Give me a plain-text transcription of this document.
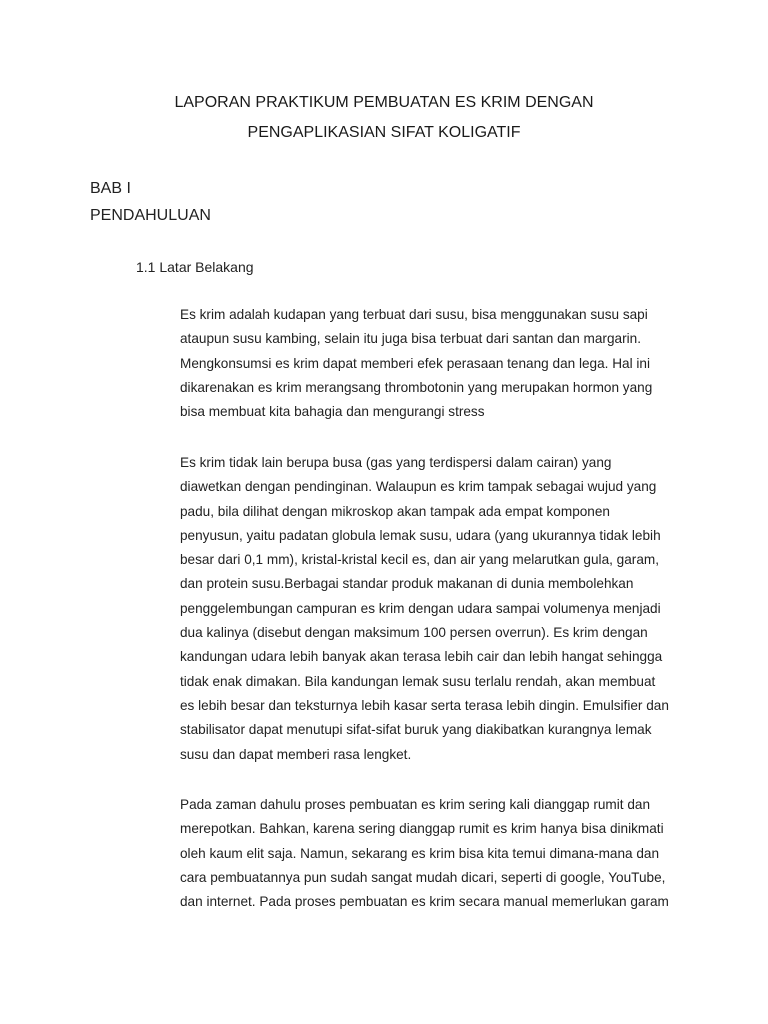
LAPORAN PRAKTIKUM PEMBUATAN ES KRIM DENGAN
PENGAPLIKASIAN SIFAT KOLIGATIF
BAB I
PENDAHULUAN
1.1 Latar Belakang
Es krim adalah kudapan yang terbuat dari susu, bisa menggunakan susu sapi
ataupun susu kambing, selain itu juga bisa terbuat dari santan dan margarin.
Mengkonsumsi es krim dapat memberi efek perasaan tenang dan lega. Hal ini
dikarenakan es krim merangsang thrombotonin yang merupakan hormon yang
bisa membuat kita bahagia dan mengurangi stress
Es krim tidak lain berupa busa (gas yang terdispersi dalam cairan) yang
diawetkan dengan pendinginan. Walaupun es krim tampak sebagai wujud yang
padu, bila dilihat dengan mikroskop akan tampak ada empat komponen
penyusun, yaitu padatan globula lemak susu, udara (yang ukurannya tidak lebih
besar dari 0,1 mm), kristal-kristal kecil es, dan air yang melarutkan gula, garam,
dan protein susu.Berbagai standar produk makanan di dunia membolehkan
penggelembungan campuran es krim dengan udara sampai volumenya menjadi
dua kalinya (disebut dengan maksimum 100 persen overrun). Es krim dengan
kandungan udara lebih banyak akan terasa lebih cair dan lebih hangat sehingga
tidak enak dimakan. Bila kandungan lemak susu terlalu rendah, akan membuat
es lebih besar dan teksturnya lebih kasar serta terasa lebih dingin. Emulsifier dan
stabilisator dapat menutupi sifat-sifat buruk yang diakibatkan kurangnya lemak
susu dan dapat memberi rasa lengket.
Pada zaman dahulu proses pembuatan es krim sering kali dianggap rumit dan
merepotkan. Bahkan, karena sering dianggap rumit es krim hanya bisa dinikmati
oleh kaum elit saja. Namun, sekarang es krim bisa kita temui dimana-mana dan
cara pembuatannya pun sudah sangat mudah dicari, seperti di google, YouTube,
dan internet. Pada proses pembuatan es krim secara manual memerlukan garam
